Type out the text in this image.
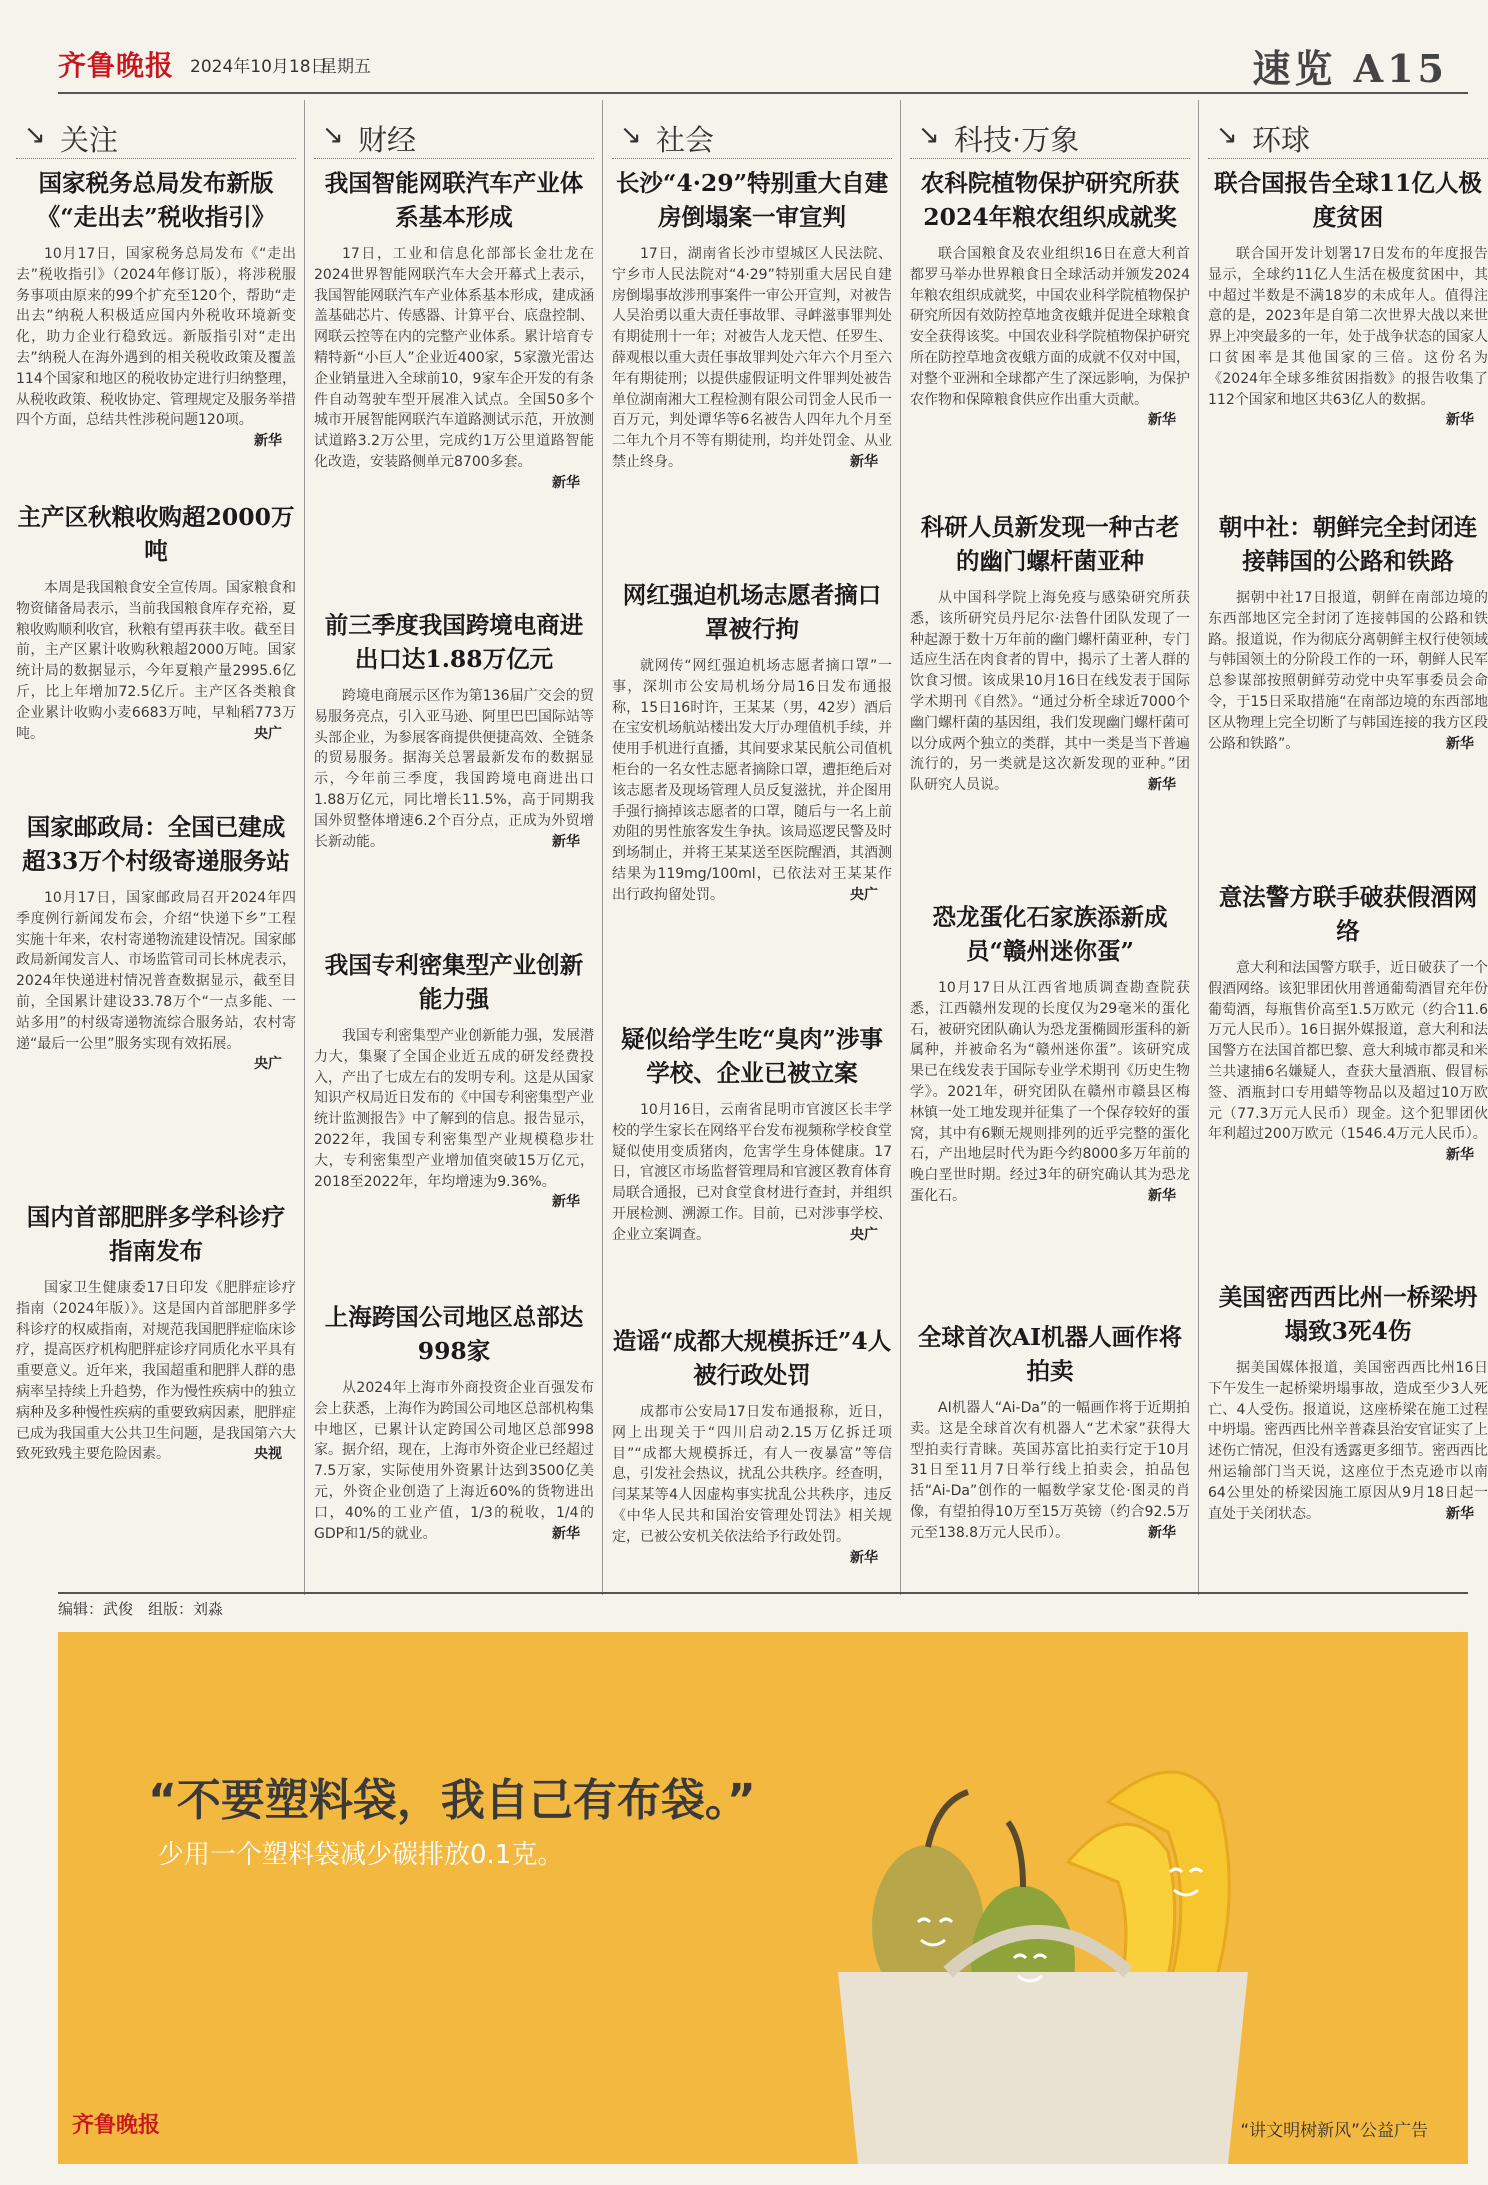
齐鲁晚报 2024年10月18日
星期五	速览 A15
↘ 关注
国家税务总局发布新版《“走出去”税收指引》
10月17日，国家税务总局发布《“走出去”税收指引》（2024年修订版），将涉税服务事项由原来的99个扩充至120个，帮助“走出去”纳税人积极适应国内外税收环境新变化，助力企业行稳致远。新版指引对“走出去”纳税人在海外遇到的相关税收政策及覆盖114个国家和地区的税收协定进行归纳整理，从税收政策、税收协定、管理规定及服务举措四个方面，总结共性涉税问题120项。
新华
主产区秋粮收购超2000万吨
本周是我国粮食安全宣传周。国家粮食和物资储备局表示，当前我国粮食库存充裕，夏粮收购顺利收官，秋粮有望再获丰收。截至目前，主产区累计收购秋粮超2000万吨。国家统计局的数据显示，今年夏粮产量2995.6亿斤，比上年增加72.5亿斤。主产区各类粮食企业累计收购小麦6683万吨，早籼稻773万吨。	央广
国家邮政局：全国已建成超33万个村级寄递服务站
10月17日，国家邮政局召开2024年四季度例行新闻发布会，介绍“快递下乡”工程实施十年来，农村寄递物流建设情况。国家邮政局新闻发言人、市场监管司司长林虎表示，2024年快递进村情况普查数据显示，截至目前，全国累计建设33.78万个“一点多能、一站多用”的村级寄递物流综合服务站，农村寄递“最后一公里”服务实现有效拓展。
央广
国内首部肥胖多学科诊疗指南发布
国家卫生健康委17日印发《肥胖症诊疗指南（2024年版）》。这是国内首部肥胖多学科诊疗的权威指南，对规范我国肥胖症临床诊疗，提高医疗机构肥胖症诊疗同质化水平具有重要意义。近年来，我国超重和肥胖人群的患病率呈持续上升趋势，作为慢性疾病中的独立病种及多种慢性疾病的重要致病因素，肥胖症已成为我国重大公共卫生问题，是我国第六大致死致残主要危险因素。	央视
↘ 财经
我国智能网联汽车产业体系基本形成
17日，工业和信息化部部长金壮龙在2024世界智能网联汽车大会开幕式上表示，我国智能网联汽车产业体系基本形成，建成涵盖基础芯片、传感器、计算平台、底盘控制、网联云控等在内的完整产业体系。累计培育专精特新“小巨人”企业近400家，5家激光雷达企业销量进入全球前10，9家车企开发的有条件自动驾驶车型开展准入试点。全国50多个城市开展智能网联汽车道路测试示范，开放测试道路3.2万公里，完成约1万公里道路智能化改造，安装路侧单元8700多套。
新华
前三季度我国跨境电商进出口达1.88万亿元
跨境电商展示区作为第136届广交会的贸易服务亮点，引入亚马逊、阿里巴巴国际站等头部企业，为参展客商提供便捷高效、全链条的贸易服务。据海关总署最新发布的数据显示，今年前三季度，我国跨境电商进出口1.88万亿元，同比增长11.5%，高于同期我国外贸整体增速6.2个百分点，正成为外贸增长新动能。	新华
我国专利密集型产业创新能力强
我国专利密集型产业创新能力强，发展潜力大，集聚了全国企业近五成的研发经费投入，产出了七成左右的发明专利。这是从国家知识产权局近日发布的《中国专利密集型产业统计监测报告》中了解到的信息。报告显示，2022年，我国专利密集型产业规模稳步壮大，专利密集型产业增加值突破15万亿元，2018至2022年，年均增速为9.36%。
新华
上海跨国公司地区总部达998家
从2024年上海市外商投资企业百强发布会上获悉，上海作为跨国公司地区总部机构集中地区，已累计认定跨国公司地区总部998家。据介绍，现在，上海市外资企业已经超过7.5万家，实际使用外资累计达到3500亿美元，外资企业创造了上海近60%的货物进出口，40%的工业产值，1/3的税收，1/4的GDP和1/5的就业。	新华
↘ 社会
长沙“4·29”特别重大自建房倒塌案一审宣判
17日，湖南省长沙市望城区人民法院、宁乡市人民法院对“4·29”特别重大居民自建房倒塌事故涉刑事案件一审公开宣判，对被告人吴治勇以重大责任事故罪、寻衅滋事罪判处有期徒刑十一年；对被告人龙天恺、任罗生、薛观根以重大责任事故罪判处六年六个月至六年有期徒刑；以提供虚假证明文件罪判处被告单位湖南湘大工程检测有限公司罚金人民币一百万元，判处谭华等6名被告人四年九个月至二年九个月不等有期徒刑，均并处罚金、从业禁止终身。	新华
网红强迫机场志愿者摘口罩被行拘
就网传“网红强迫机场志愿者摘口罩”一事，深圳市公安局机场分局16日发布通报称，15日16时许，王某某（男，42岁）酒后在宝安机场航站楼出发大厅办理值机手续，并使用手机进行直播，其间要求某民航公司值机柜台的一名女性志愿者摘除口罩，遭拒绝后对该志愿者及现场管理人员反复滋扰，并企图用手强行摘掉该志愿者的口罩，随后与一名上前劝阻的男性旅客发生争执。该局巡逻民警及时到场制止，并将王某某送至医院醒酒，其酒测结果为119mg/100ml，已依法对王某某作出行政拘留处罚。	央广
疑似给学生吃“臭肉”涉事学校、企业已被立案
10月16日，云南省昆明市官渡区长丰学校的学生家长在网络平台发布视频称学校食堂疑似使用变质猪肉，危害学生身体健康。17日，官渡区市场监督管理局和官渡区教育体育局联合通报，已对食堂食材进行查封，并组织开展检测、溯源工作。目前，已对涉事学校、企业立案调查。	央广
造谣“成都大规模拆迁”4人被行政处罚
成都市公安局17日发布通报称，近日，网上出现关于“四川启动2.15万亿拆迁项目”“成都大规模拆迁，有人一夜暴富”等信息，引发社会热议，扰乱公共秩序。经查明，闫某某等4人因虚构事实扰乱公共秩序，违反《中华人民共和国治安管理处罚法》相关规定，已被公安机关依法给予行政处罚。
新华
↘ 科技·万象
农科院植物保护研究所获2024年粮农组织成就奖
联合国粮食及农业组织16日在意大利首都罗马举办世界粮食日全球活动并颁发2024年粮农组织成就奖，中国农业科学院植物保护研究所因有效防控草地贪夜蛾并促进全球粮食安全获得该奖。中国农业科学院植物保护研究所在防控草地贪夜蛾方面的成就不仅对中国，对整个亚洲和全球都产生了深远影响，为保护农作物和保障粮食供应作出重大贡献。
新华
科研人员新发现一种古老的幽门螺杆菌亚种
从中国科学院上海免疫与感染研究所获悉，该所研究员丹尼尔·法鲁什团队发现了一种起源于数十万年前的幽门螺杆菌亚种，专门适应生活在肉食者的胃中，揭示了土著人群的饮食习惯。该成果10月16日在线发表于国际学术期刊《自然》。“通过分析全球近7000个幽门螺杆菌的基因组，我们发现幽门螺杆菌可以分成两个独立的类群，其中一类是当下普遍流行的，另一类就是这次新发现的亚种。”团队研究人员说。	新华
恐龙蛋化石家族添新成员“赣州迷你蛋”
10月17日从江西省地质调查勘查院获悉，江西赣州发现的长度仅为29毫米的蛋化石，被研究团队确认为恐龙蛋椭圆形蛋科的新属种，并被命名为“赣州迷你蛋”。该研究成果已在线发表于国际专业学术期刊《历史生物学》。2021年，研究团队在赣州市赣县区梅林镇一处工地发现并征集了一个保存较好的蛋窝，其中有6颗无规则排列的近乎完整的蛋化石，产出地层时代为距今约8000多万年前的晚白垩世时期。经过3年的研究确认其为恐龙蛋化石。	新华
全球首次AI机器人画作将拍卖
AI机器人“Ai-Da”的一幅画作将于近期拍卖。这是全球首次有机器人“艺术家”获得大型拍卖行青睐。英国苏富比拍卖行定于10月31日至11月7日举行线上拍卖会，拍品包括“Ai-Da”创作的一幅数学家艾伦·图灵的肖像，有望拍得10万至15万英镑（约合92.5万元至138.8万元人民币）。	新华
↘ 环球
联合国报告全球11亿人极度贫困
联合国开发计划署17日发布的年度报告显示，全球约11亿人生活在极度贫困中，其中超过半数是不满18岁的未成年人。值得注意的是，2023年是自第二次世界大战以来世界上冲突最多的一年，处于战争状态的国家人口贫困率是其他国家的三倍。这份名为《2024年全球多维贫困指数》的报告收集了112个国家和地区共63亿人的数据。
新华
朝中社：朝鲜完全封闭连接韩国的公路和铁路
据朝中社17日报道，朝鲜在南部边境的东西部地区完全封闭了连接韩国的公路和铁路。报道说，作为彻底分离朝鲜主权行使领域与韩国领土的分阶段工作的一环，朝鲜人民军总参谋部按照朝鲜劳动党中央军事委员会命令，于15日采取措施“在南部边境的东西部地区从物理上完全切断了与韩国连接的我方区段公路和铁路”。	新华
意法警方联手破获假酒网络
意大利和法国警方联手，近日破获了一个假酒网络。该犯罪团伙用普通葡萄酒冒充年份葡萄酒，每瓶售价高至1.5万欧元（约合11.6万元人民币）。16日据外媒报道，意大利和法国警方在法国首都巴黎、意大利城市都灵和米兰共逮捕6名嫌疑人，查获大量酒瓶、假冒标签、酒瓶封口专用蜡等物品以及超过10万欧元（77.3万元人民币）现金。这个犯罪团伙年利超过200万欧元（1546.4万元人民币）。
新华
美国密西西比州一桥梁坍塌致3死4伤
据美国媒体报道，美国密西西比州16日下午发生一起桥梁坍塌事故，造成至少3人死亡、4人受伤。报道说，这座桥梁在施工过程中坍塌。密西西比州辛普森县治安官证实了上述伤亡情况，但没有透露更多细节。密西西比州运输部门当天说，这座位于杰克逊市以南64公里处的桥梁因施工原因从9月18日起一直处于关闭状态。	新华
编辑：武俊　组版：刘淼
“不要塑料袋，我自己有布袋。”
少用一个塑料袋减少碳排放0.1克。
齐鲁晚报	“讲文明树新风”公益广告
